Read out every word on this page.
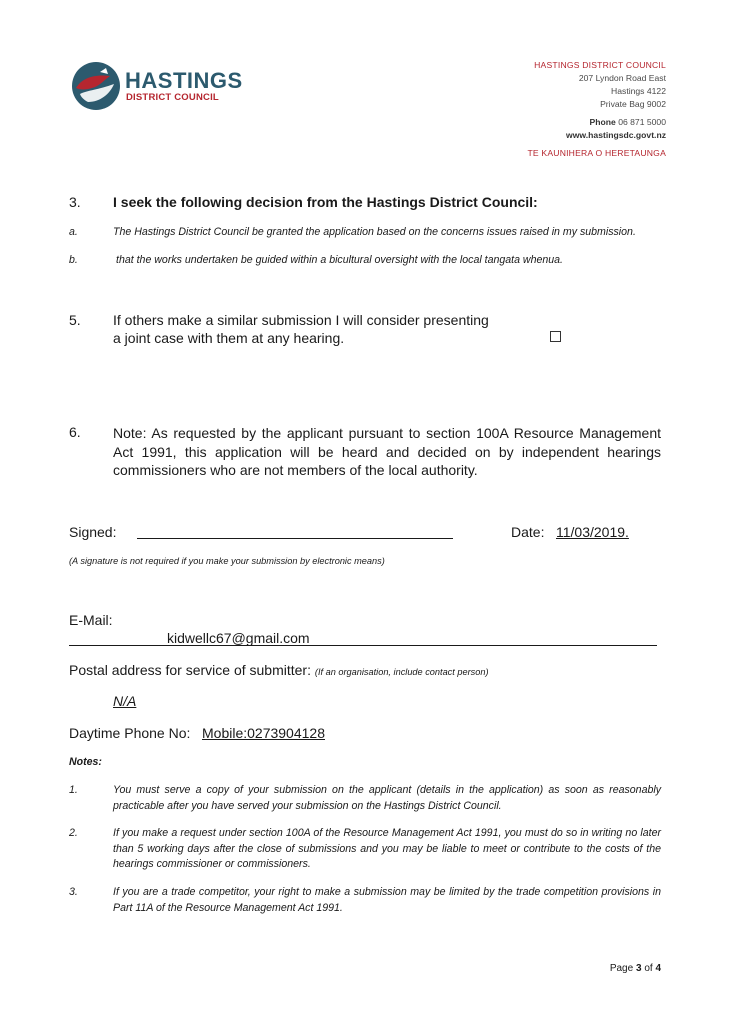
HASTINGS
DISTRICT COUNCIL
HASTINGS DISTRICT COUNCIL
207 Lyndon Road East
Hastings 4122
Private Bag 9002
Phone 06 871 5000
www.hastingsdc.govt.nz
TE KAUNIHERA O HERETAUNGA
3. I seek the following decision from the Hastings District Council:
a.	The Hastings District Council be granted the application based on the concerns issues raised in my submission.
b.	that the works undertaken be guided within a bicultural oversight with the local tangata whenua.
5. If others make a similar submission I will consider presenting
a joint case with them at any hearing.
6. Note: As requested by the applicant pursuant to section 100A Resource Management Act 1991, this application will be heard and decided on by independent hearings commissioners who are not members of the local authority.
Signed:	Date: 11/03/2019.
(A signature is not required if you make your submission by electronic means)
E-Mail:
kidwellc67@gmail.com
Postal address for service of submitter: (If an organisation, include contact person)
N/A
Daytime Phone No: Mobile:0273904128
Notes:
1.	You must serve a copy of your submission on the applicant (details in the application) as soon as reasonably practicable after you have served your submission on the Hastings District Council.
2.	If you make a request under section 100A of the Resource Management Act 1991, you must do so in writing no later than 5 working days after the close of submissions and you may be liable to meet or contribute to the costs of the hearings commissioner or commissioners.
3.	If you are a trade competitor, your right to make a submission may be limited by the trade competition provisions in Part 11A of the Resource Management Act 1991.
Page 3 of 4
